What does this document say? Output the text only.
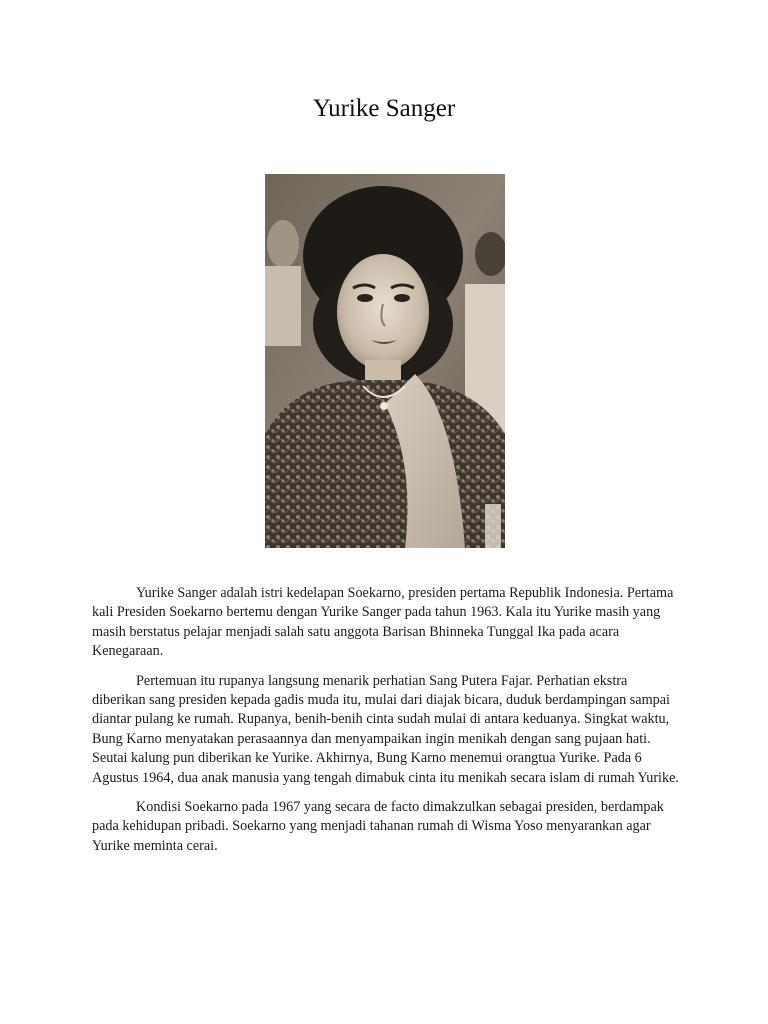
Yurike Sanger

Yurike Sanger adalah istri kedelapan Soekarno, presiden pertama Republik Indonesia. Pertama kali Presiden Soekarno bertemu dengan Yurike Sanger pada tahun 1963. Kala itu Yurike masih yang masih berstatus pelajar menjadi salah satu anggota Barisan Bhinneka Tunggal Ika pada acara Kenegaraan.

Pertemuan itu rupanya langsung menarik perhatian Sang Putera Fajar. Perhatian ekstra diberikan sang presiden kepada gadis muda itu, mulai dari diajak bicara, duduk berdampingan sampai diantar pulang ke rumah. Rupanya, benih-benih cinta sudah mulai di antara keduanya. Singkat waktu, Bung Karno menyatakan perasaannya dan menyampaikan ingin menikah dengan sang pujaan hati. Seutai kalung pun diberikan ke Yurike. Akhirnya, Bung Karno menemui orangtua Yurike. Pada 6 Agustus 1964, dua anak manusia yang tengah dimabuk cinta itu menikah secara islam di rumah Yurike.

Kondisi Soekarno pada 1967 yang secara de facto dimakzulkan sebagai presiden, berdampak pada kehidupan pribadi. Soekarno yang menjadi tahanan rumah di Wisma Yoso menyarankan agar Yurike meminta cerai.
